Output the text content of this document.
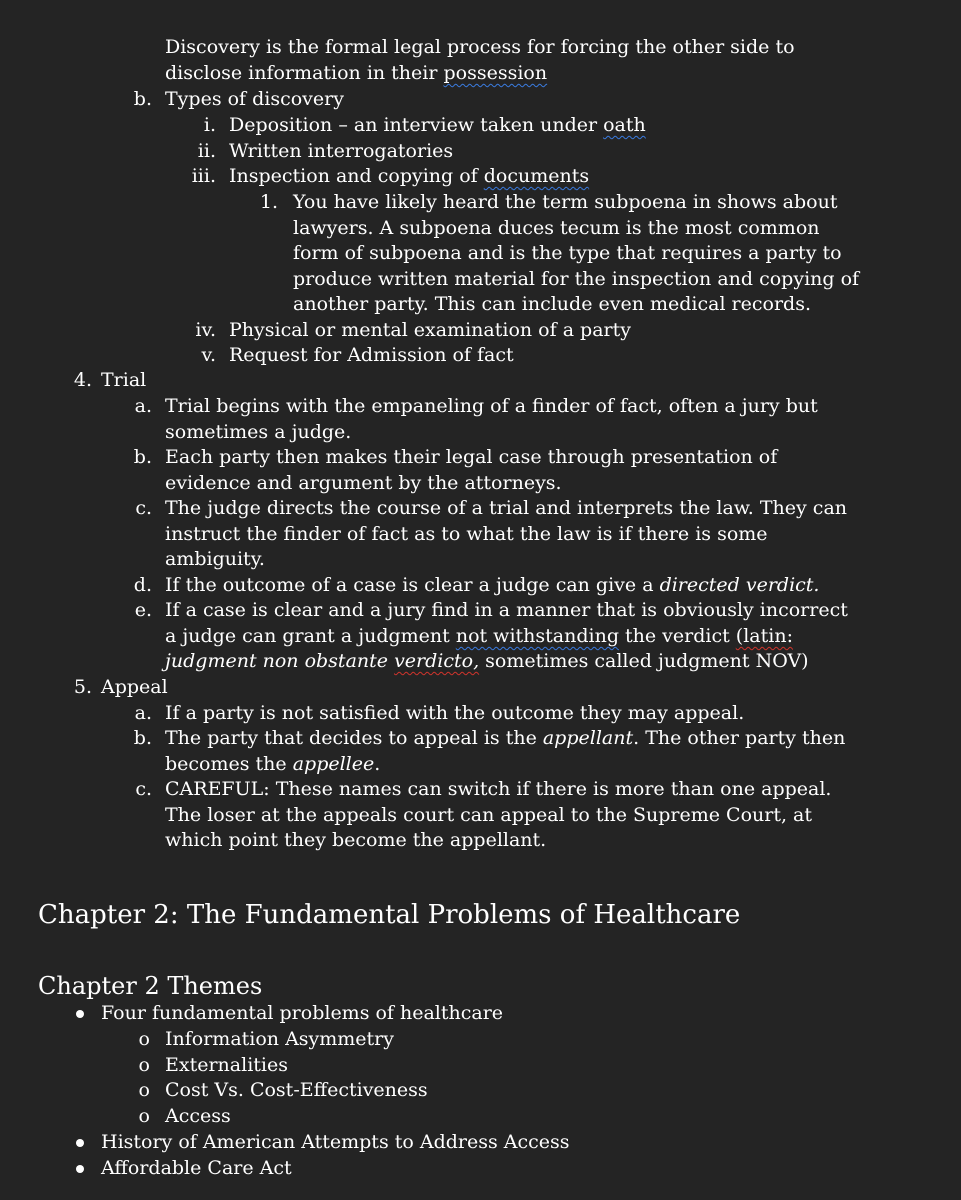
Discovery is the formal legal process for forcing the other side to
disclose information in their possession
b. Types of discovery
i. Deposition – an interview taken under oath
ii. Written interrogatories
iii. Inspection and copying of documents
1. You have likely heard the term subpoena in shows about
lawyers. A subpoena duces tecum is the most common
form of subpoena and is the type that requires a party to
produce written material for the inspection and copying of
another party. This can include even medical records.
iv. Physical or mental examination of a party
v. Request for Admission of fact
4. Trial
a. Trial begins with the empaneling of a finder of fact, often a jury but
sometimes a judge.
b. Each party then makes their legal case through presentation of
evidence and argument by the attorneys.
c. The judge directs the course of a trial and interprets the law. They can
instruct the finder of fact as to what the law is if there is some
ambiguity.
d. If the outcome of a case is clear a judge can give a directed verdict.
e. If a case is clear and a jury find in a manner that is obviously incorrect
a judge can grant a judgment not withstanding the verdict (latin:
judgment non obstante verdicto, sometimes called judgment NOV)
5. Appeal
a. If a party is not satisfied with the outcome they may appeal.
b. The party that decides to appeal is the appellant. The other party then
becomes the appellee.
c. CAREFUL: These names can switch if there is more than one appeal.
The loser at the appeals court can appeal to the Supreme Court, at
which point they become the appellant.
Chapter 2: The Fundamental Problems of Healthcare
Chapter 2 Themes
Four fundamental problems of healthcare
o Information Asymmetry
o Externalities
o Cost Vs. Cost-Effectiveness
o Access
History of American Attempts to Address Access
Affordable Care Act
